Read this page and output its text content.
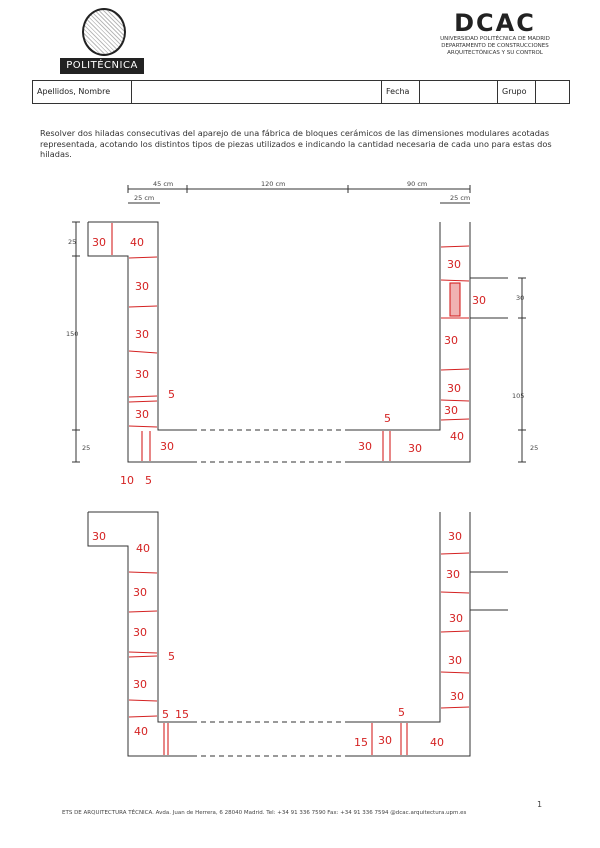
POLITÉCNICA
DCAC
UNIVERSIDAD POLITÉCNICA DE MADRID
DEPARTAMENTO DE CONSTRUCCIONES
ARQUITECTÓNICAS Y SU CONTROL
Apellidos, Nombre	Fecha	Grupo
Resolver dos hiladas consecutivas del aparejo de una fábrica de bloques cerámicos de las dimensiones modulares acotadas representada, acotando los distintos tipos de piezas utilizados e indicando la cantidad necesaria de cada uno para estas dos hiladas.
45 cm	120 cm	90 cm
25 cm	25 cm
25
150
25
30
105
25
30 40
30
30
30
5
30
30
10 5
30	30
5
30
30
30
30
30
40
30
40
30
30
5
30
40
5 15
30
30
30
30
30
15 30
5
40
1
ETS DE ARQUITECTURA TÉCNICA. Avda. Juan de Herrera, 6 28040 Madrid. Tel: +34 91 336 7590 Fax: +34 91 336 7594 @dcac.arquitectura.upm.es
